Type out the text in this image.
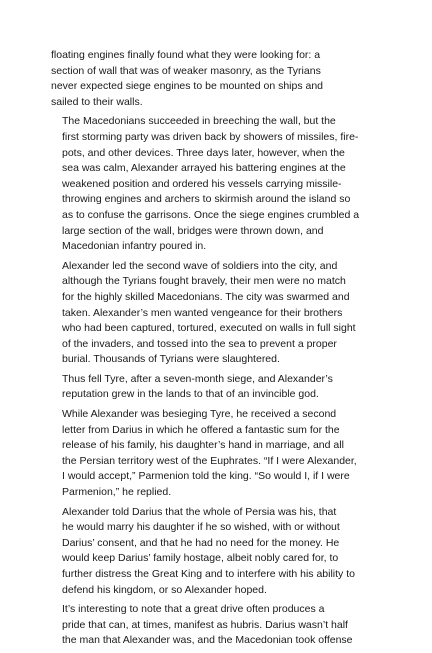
floating engines finally found what they were looking for: a
section of wall that was of weaker masonry, as the Tyrians
never expected siege engines to be mounted on ships and
sailed to their walls.

The Macedonians succeeded in breeching the wall, but the
first storming party was driven back by showers of missiles, fire-
pots, and other devices. Three days later, however, when the
sea was calm, Alexander arrayed his battering engines at the
weakened position and ordered his vessels carrying missile-
throwing engines and archers to skirmish around the island so
as to confuse the garrisons. Once the siege engines crumbled a
large section of the wall, bridges were thrown down, and
Macedonian infantry poured in.

Alexander led the second wave of soldiers into the city, and
although the Tyrians fought bravely, their men were no match
for the highly skilled Macedonians. The city was swarmed and
taken. Alexander’s men wanted vengeance for their brothers
who had been captured, tortured, executed on walls in full sight
of the invaders, and tossed into the sea to prevent a proper
burial. Thousands of Tyrians were slaughtered.

Thus fell Tyre, after a seven-month siege, and Alexander’s
reputation grew in the lands to that of an invincible god.

While Alexander was besieging Tyre, he received a second
letter from Darius in which he offered a fantastic sum for the
release of his family, his daughter’s hand in marriage, and all
the Persian territory west of the Euphrates. “If I were Alexander,
I would accept,” Parmenion told the king. “So would I, if I were
Parmenion,” he replied.

Alexander told Darius that the whole of Persia was his, that
he would marry his daughter if he so wished, with or without
Darius’ consent, and that he had no need for the money. He
would keep Darius’ family hostage, albeit nobly cared for, to
further distress the Great King and to interfere with his ability to
defend his kingdom, or so Alexander hoped.

It’s interesting to note that a great drive often produces a
pride that can, at times, manifest as hubris. Darius wasn’t half
the man that Alexander was, and the Macedonian took offense
